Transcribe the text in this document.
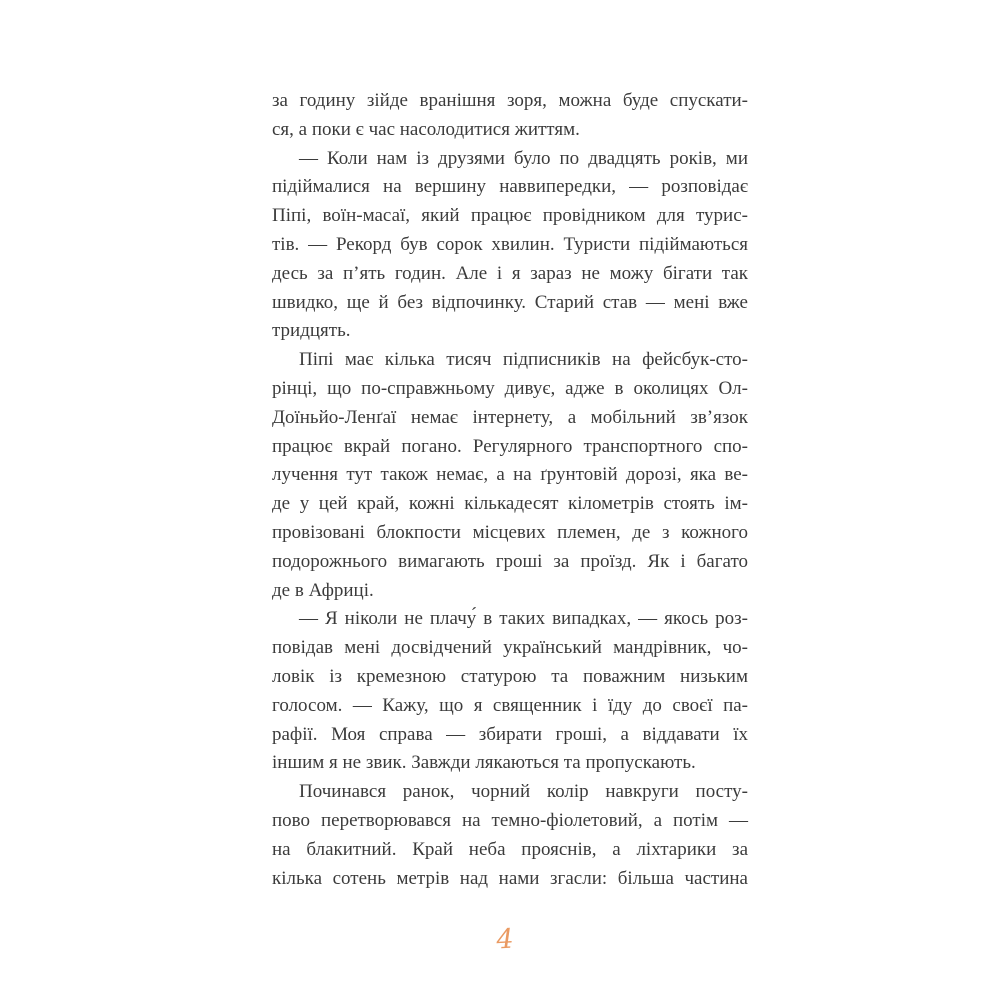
за годину зійде вранішня зоря, можна буде спускати-
ся, а поки є час насолодитися життям.
— Коли нам із друзями було по двадцять років, ми
підіймалися на вершину наввипередки, — розповідає
Піпі, воїн-масаї, який працює провідником для турис-
тів. — Рекорд був сорок хвилин. Туристи підіймаються
десь за п’ять годин. Але і я зараз не можу бігати так
швидко, ще й без відпочинку. Старий став — мені вже
тридцять.
Піпі має кілька тисяч підписників на фейсбук-сто-
рінці, що по-справжньому дивує, адже в околицях Ол-
Доїньйо-Ленґаї немає інтернету, а мобільний зв’язок
працює вкрай погано. Регулярного транспортного спо-
лучення тут також немає, а на ґрунтовій дорозі, яка ве-
де у цей край, кожні кількадесят кілометрів стоять ім-
провізовані блокпости місцевих племен, де з кожного
подорожнього вимагають гроші за проїзд. Як і багато
де в Африці.
— Я ніколи не плачу́ в таких випадках, — якось роз-
повідав мені досвідчений український мандрівник, чо-
ловік із кремезною статурою та поважним низьким
голосом. — Кажу, що я священник і їду до своєї па-
рафії. Моя справа — збирати гроші, а віддавати їх
іншим я не звик. Завжди лякаються та пропускають.
Починався ранок, чорний колір навкруги посту-
пово перетворювався на темно-фіолетовий, а потім —
на блакитний. Край неба прояснів, а ліхтарики за
кілька сотень метрів над нами згасли: більша частина
4
